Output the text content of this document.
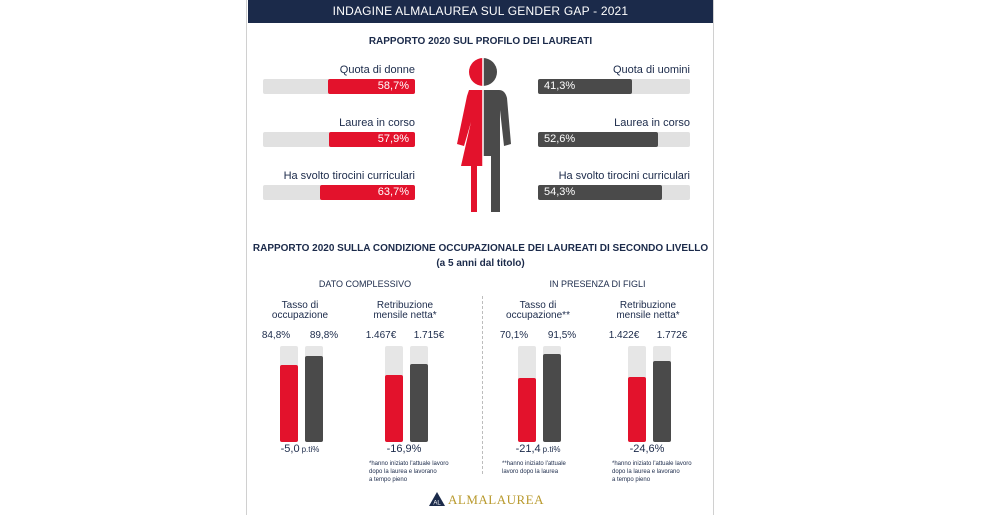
INDAGINE ALMALAUREA SUL GENDER GAP - 2021
RAPPORTO 2020 SUL PROFILO DEI LAUREATI
Quota di donne
58,7%
Laurea in corso
57,9%
Ha svolto tirocini curriculari
63,7%
Quota di uomini
41,3%
Laurea in corso
52,6%
Ha svolto tirocini curriculari
54,3%
RAPPORTO 2020 SULLA CONDIZIONE OCCUPAZIONALE DEI LAUREATI DI SECONDO LIVELLO
(a 5 anni dal titolo)
DATO COMPLESSIVO
Tasso di
occupazione
84,8%	89,8%
-5,0 p.ti%
Retribuzione
mensile netta*
1.467€	1.715€
-16,9%
*hanno iniziato l'attuale lavoro
dopo la laurea e lavorano
a tempo pieno
IN PRESENZA DI FIGLI
Tasso di
occupazione**
70,1%	91,5%
-21,4 p.ti%
**hanno iniziato l'attuale
lavoro dopo la laurea
Retribuzione
mensile netta*
1.422€	1.772€
-24,6%
*hanno iniziato l'attuale lavoro
dopo la laurea e lavorano
a tempo pieno
AL ALMALAUREA
